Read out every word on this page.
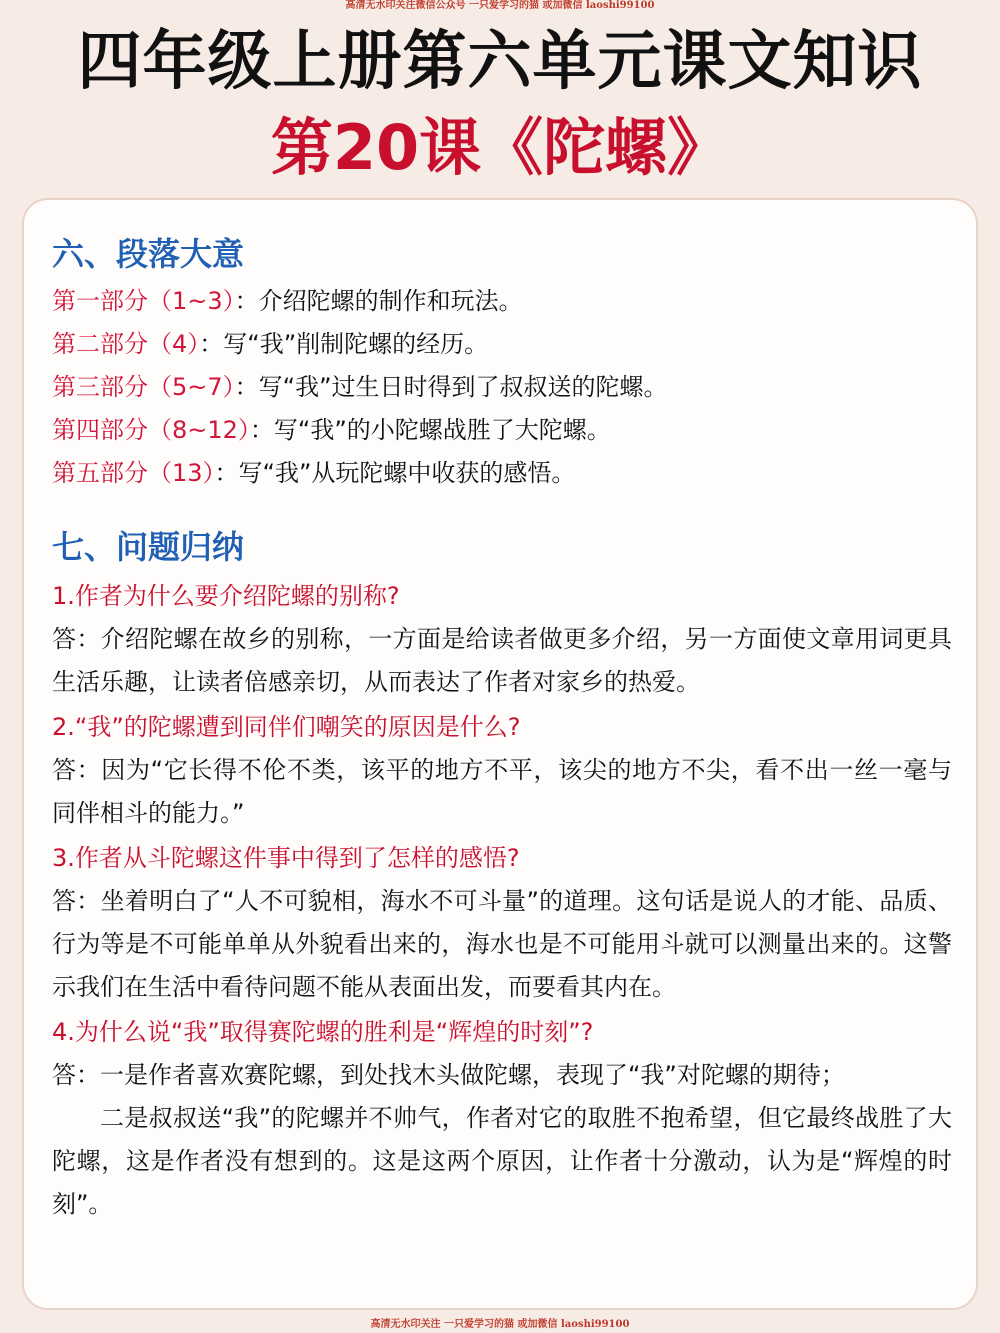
高清无水印关注微信公众号 一只爱学习的猫 或加微信 laoshi99100
四年级上册第六单元课文知识
第20课《陀螺》
六、段落大意
第一部分（1~3）：介绍陀螺的制作和玩法。
第二部分（4）：写“我”削制陀螺的经历。
第三部分（5~7）：写“我”过生日时得到了叔叔送的陀螺。
第四部分（8~12）：写“我”的小陀螺战胜了大陀螺。
第五部分（13）：写“我”从玩陀螺中收获的感悟。
七、问题归纳
1.作者为什么要介绍陀螺的别称?
答：介绍陀螺在故乡的别称，一方面是给读者做更多介绍，另一方面使文章用词更具生活乐趣，让读者倍感亲切，从而表达了作者对家乡的热爱。
2.“我”的陀螺遭到同伴们嘲笑的原因是什么?
答：因为“它长得不伦不类，该平的地方不平，该尖的地方不尖，看不出一丝一毫与同伴相斗的能力。”
3.作者从斗陀螺这件事中得到了怎样的感悟?
答：坐着明白了“人不可貌相，海水不可斗量”的道理。这句话是说人的才能、品质、行为等是不可能单单从外貌看出来的，海水也是不可能用斗就可以测量出来的。这警示我们在生活中看待问题不能从表面出发，而要看其内在。
4.为什么说“我”取得赛陀螺的胜利是“辉煌的时刻”?
答：一是作者喜欢赛陀螺，到处找木头做陀螺，表现了“我”对陀螺的期待；
二是叔叔送“我”的陀螺并不帅气，作者对它的取胜不抱希望，但它最终战胜了大陀螺，这是作者没有想到的。这是这两个原因，让作者十分激动，认为是“辉煌的时刻”。
高清无水印关注 一只爱学习的猫 或加微信 laoshi99100
